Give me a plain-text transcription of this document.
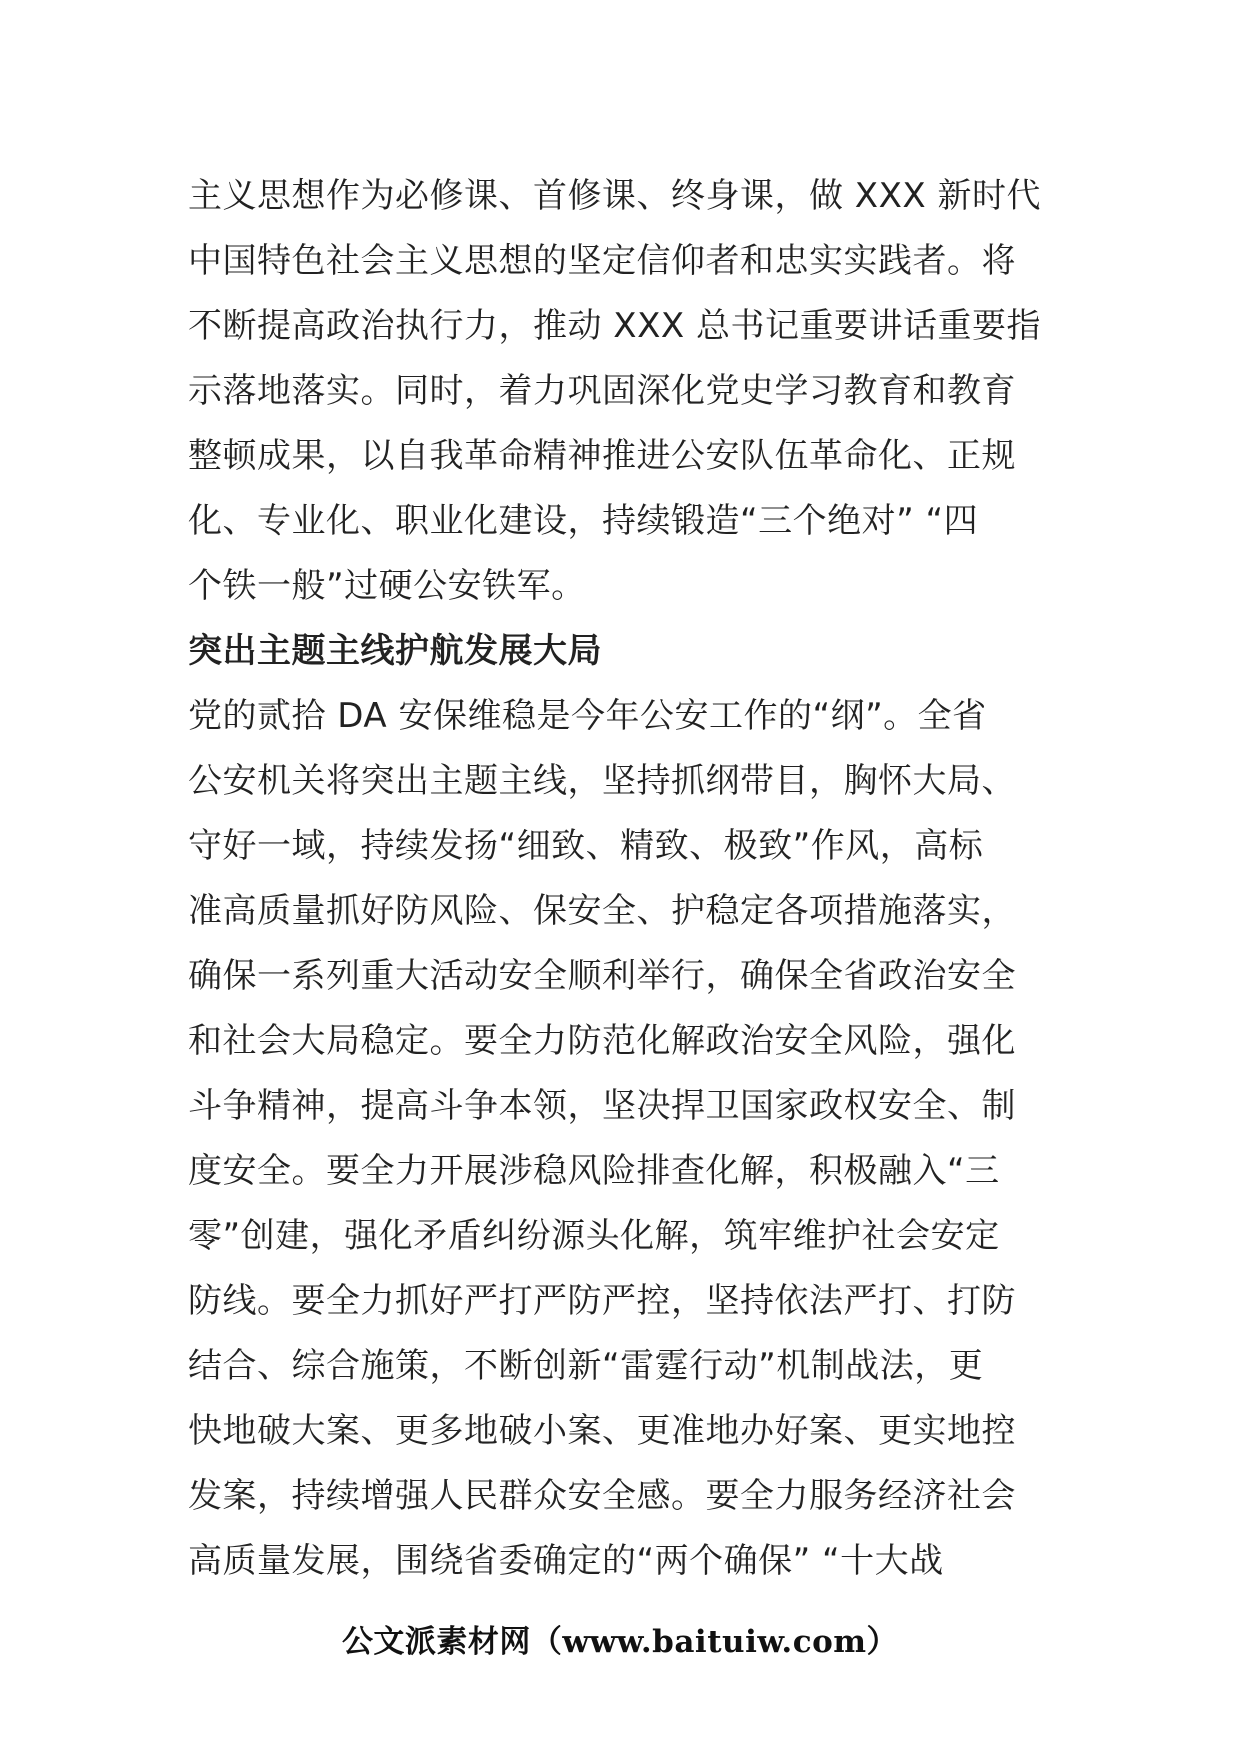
主义思想作为必修课、首修课、终身课，做 XXX 新时代
中国特色社会主义思想的坚定信仰者和忠实实践者。将
不断提高政治执行力，推动 XXX 总书记重要讲话重要指
示落地落实。同时，着力巩固深化党史学习教育和教育
整顿成果，以自我革命精神推进公安队伍革命化、正规
化、专业化、职业化建设，持续锻造“三个绝对” “四
个铁一般”过硬公安铁军。
突出主题主线护航发展大局
党的贰拾 DA 安保维稳是今年公安工作的“纲”。全省
公安机关将突出主题主线，坚持抓纲带目，胸怀大局、
守好一域，持续发扬“细致、精致、极致”作风，高标
准高质量抓好防风险、保安全、护稳定各项措施落实，
确保一系列重大活动安全顺利举行，确保全省政治安全
和社会大局稳定。要全力防范化解政治安全风险，强化
斗争精神，提高斗争本领，坚决捍卫国家政权安全、制
度安全。要全力开展涉稳风险排查化解，积极融入“三
零”创建，强化矛盾纠纷源头化解，筑牢维护社会安定
防线。要全力抓好严打严防严控，坚持依法严打、打防
结合、综合施策，不断创新“雷霆行动”机制战法，更
快地破大案、更多地破小案、更准地办好案、更实地控
发案，持续增强人民群众安全感。要全力服务经济社会
高质量发展，围绕省委确定的“两个确保” “十大战
公文派素材网（www.baituiw.com）
